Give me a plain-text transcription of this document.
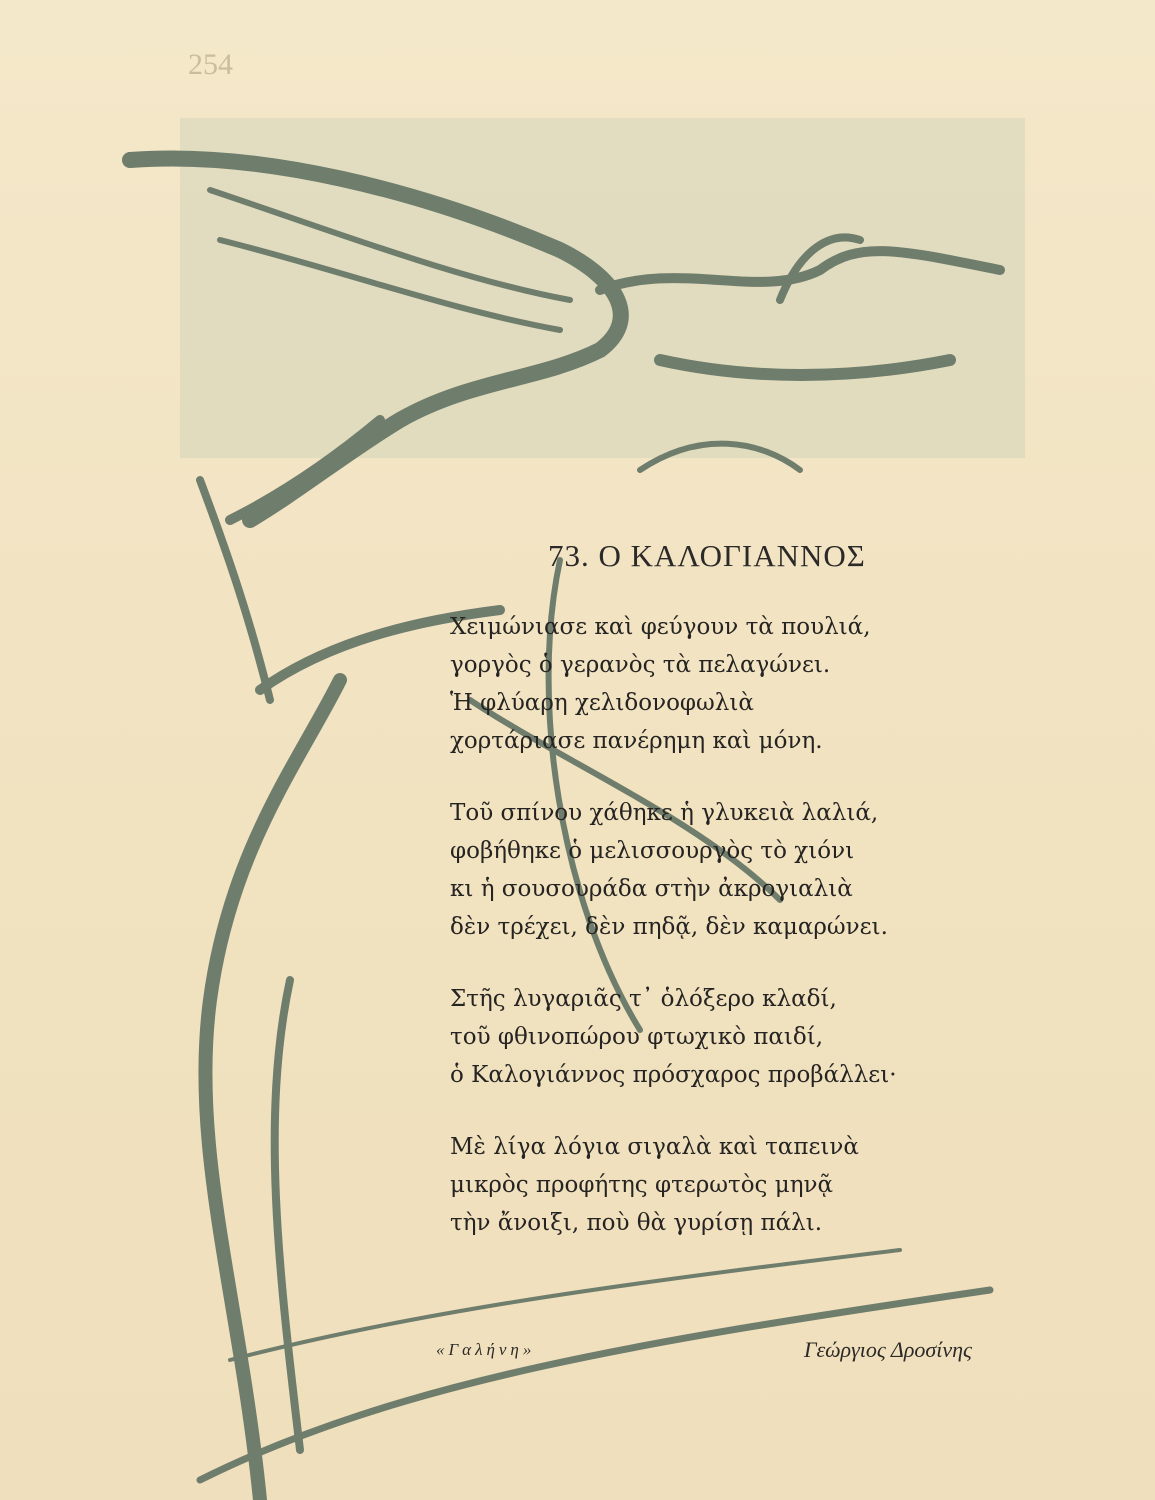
254
73. Ο ΚΑΛΟΓΙΑΝΝΟΣ
Χειμώνιασε καὶ φεύγουν τὰ πουλιά,
γοργὸς ὁ γερανὸς τὰ πελαγώνει.
Ἡ φλύαρη χελιδονοφωλιὰ
χορτάριασε πανέρημη καὶ μόνη.
Τοῦ σπίνου χάθηκε ἡ γλυκειὰ λαλιά,
φοβήθηκε ὁ μελισσουργὸς τὸ χιόνι
κι ἡ σουσουράδα στὴν ἀκρογιαλιὰ
δὲν τρέχει, δὲν πηδᾷ, δὲν καμαρώνει.
Στῆς λυγαριᾶς τ᾽ ὁλόξερο κλαδί,
τοῦ φθινοπώρου φτωχικὸ παιδί,
ὁ Καλογιάννος πρόσχαρος προβάλλει·
Μὲ λίγα λόγια σιγαλὰ καὶ ταπεινὰ
μικρὸς προφήτης φτερωτὸς μηνᾷ
τὴν ἄνοιξι, ποὺ θὰ γυρίσῃ πάλι.
«Γαλήνη»	Γεώργιος Δροσίνης
